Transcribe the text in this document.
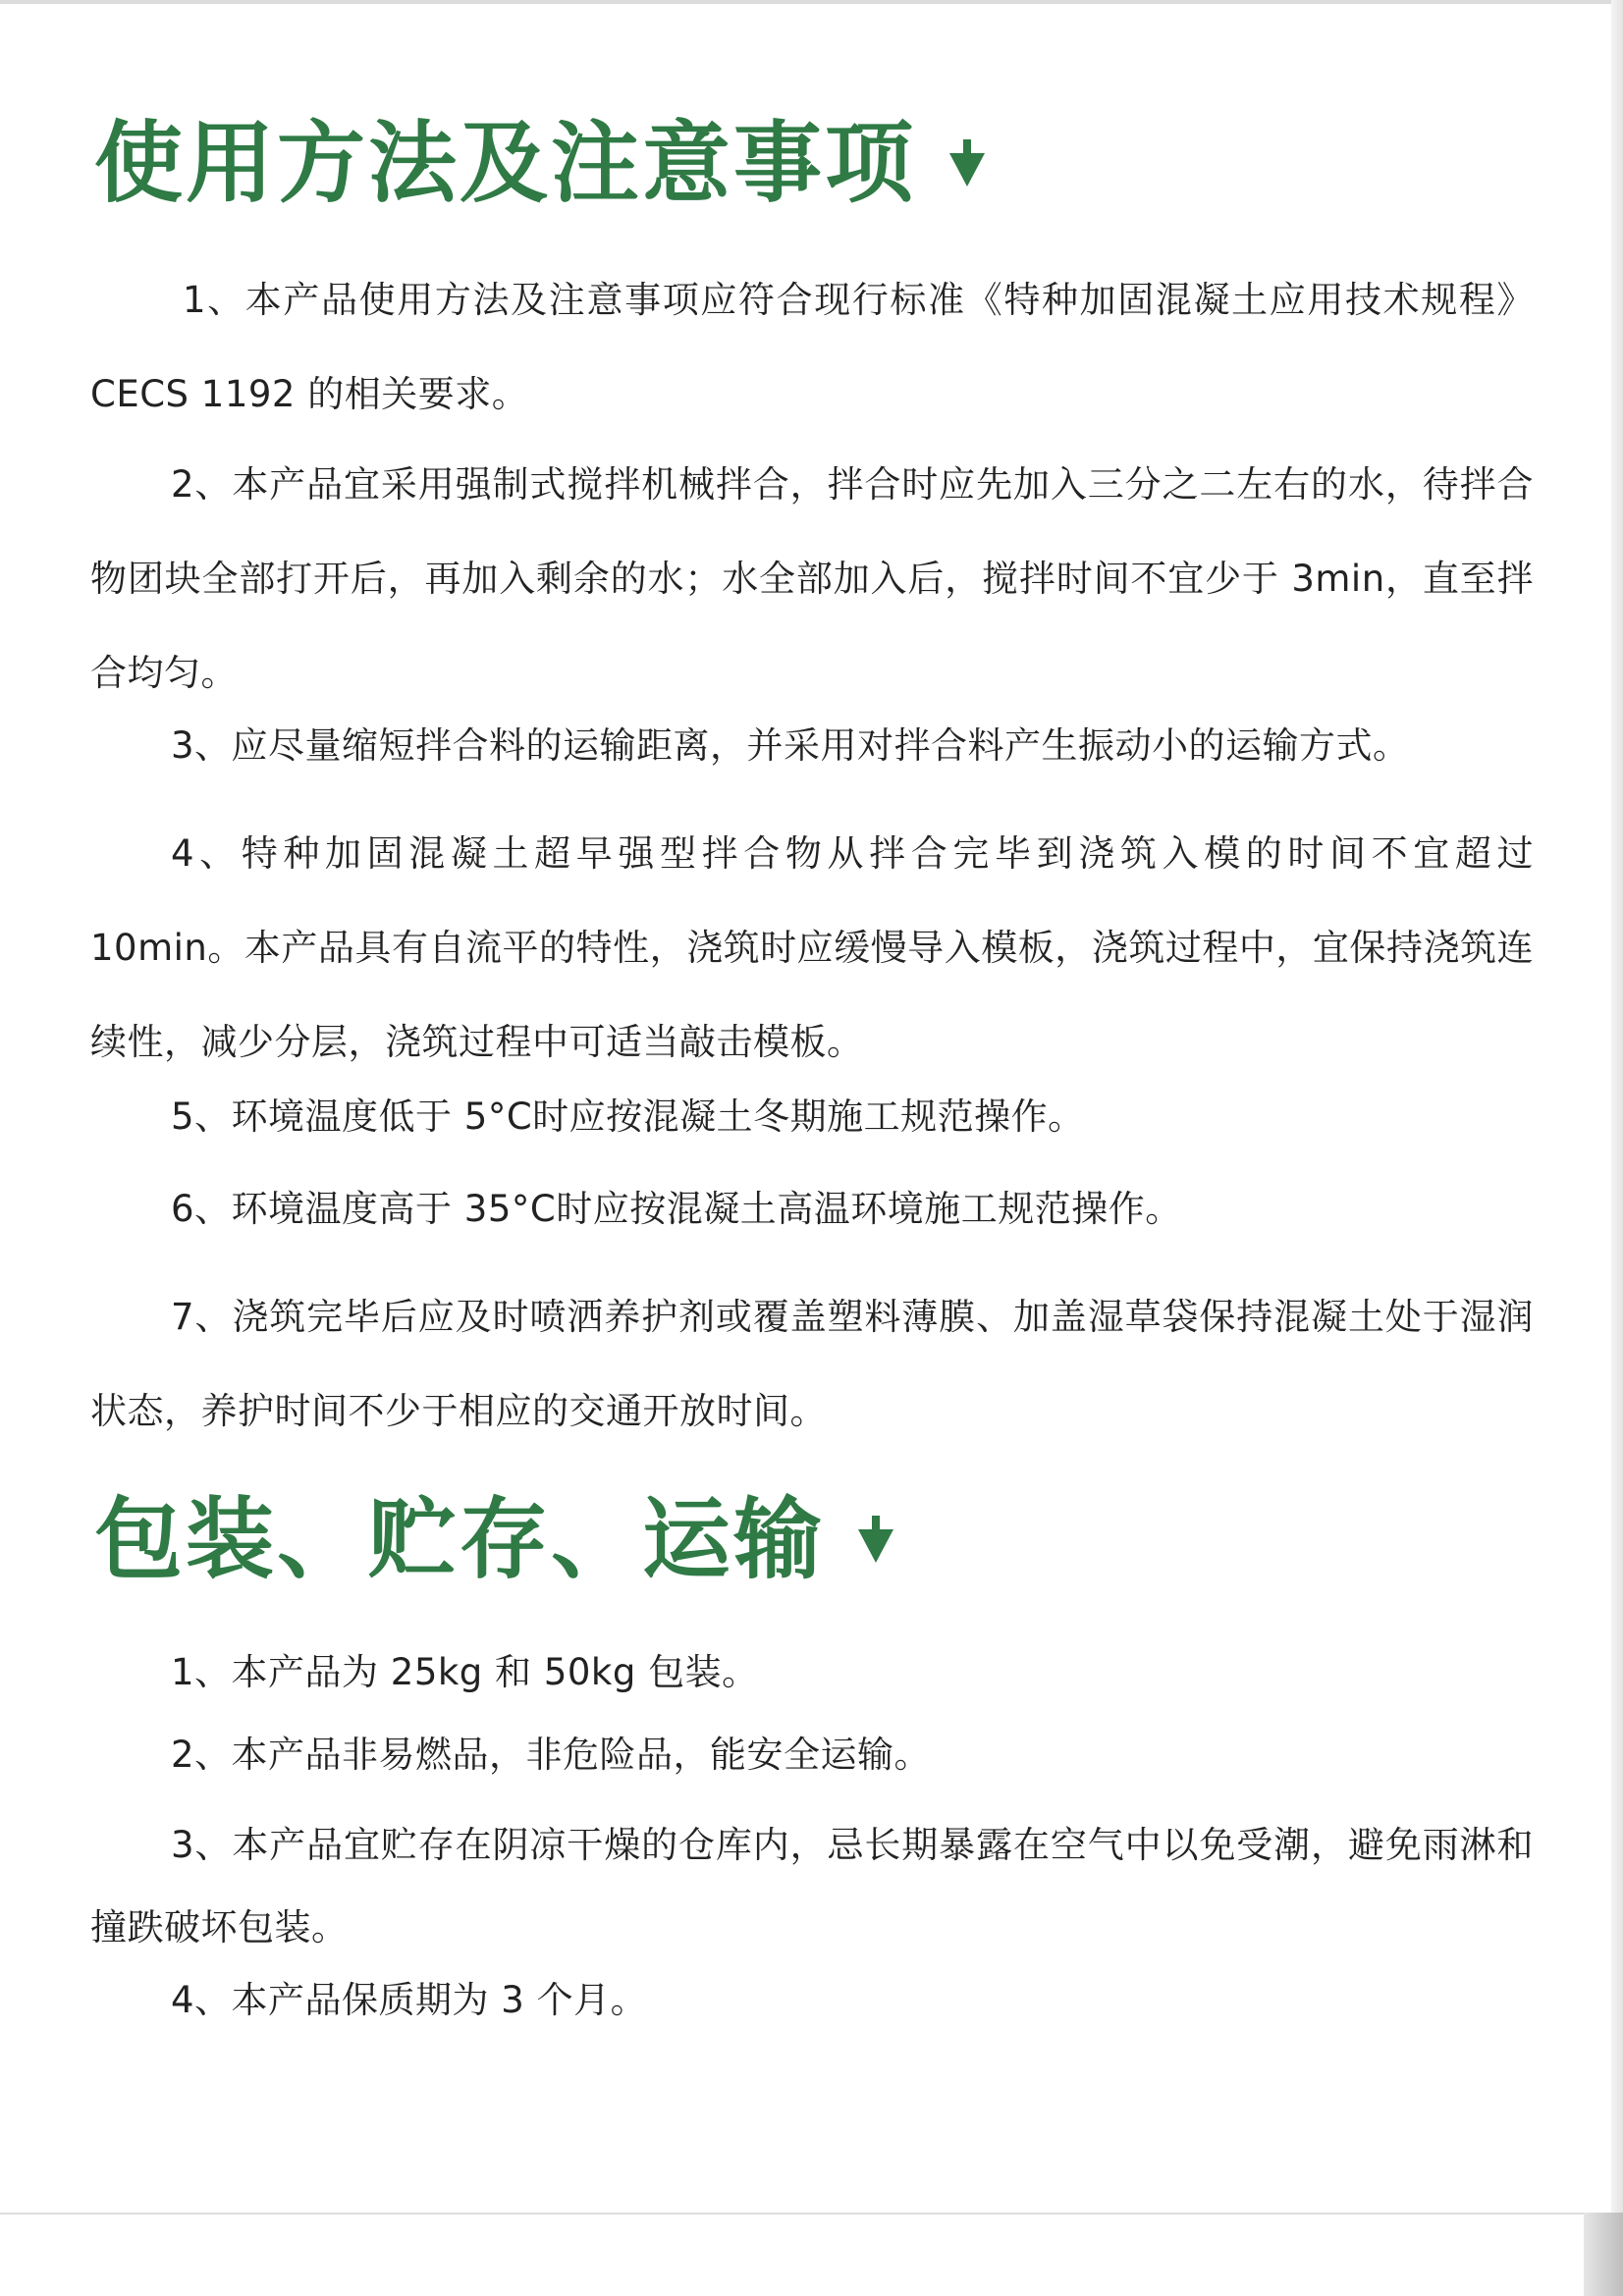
使用方法及注意事项

1、本产品使用方法及注意事项应符合现行标准《特种加固混凝土应用技术规程》CECS 1192 的相关要求。

2、本产品宜采用强制式搅拌机械拌合，拌合时应先加入三分之二左右的水，待拌合物团块全部打开后，再加入剩余的水；水全部加入后，搅拌时间不宜少于 3min，直至拌合均匀。

3、应尽量缩短拌合料的运输距离，并采用对拌合料产生振动小的运输方式。

4、特种加固混凝土超早强型拌合物从拌合完毕到浇筑入模的时间不宜超过 10min。本产品具有自流平的特性，浇筑时应缓慢导入模板，浇筑过程中，宜保持浇筑连续性，减少分层，浇筑过程中可适当敲击模板。

5、环境温度低于 5°C时应按混凝土冬期施工规范操作。

6、环境温度高于 35°C时应按混凝土高温环境施工规范操作。

7、浇筑完毕后应及时喷洒养护剂或覆盖塑料薄膜、加盖湿草袋保持混凝土处于湿润状态，养护时间不少于相应的交通开放时间。

包装、贮存、运输

1、本产品为 25kg 和 50kg 包装。

2、本产品非易燃品，非危险品，能安全运输。

3、本产品宜贮存在阴凉干燥的仓库内，忌长期暴露在空气中以免受潮，避免雨淋和撞跌破坏包装。

4、本产品保质期为 3 个月。
